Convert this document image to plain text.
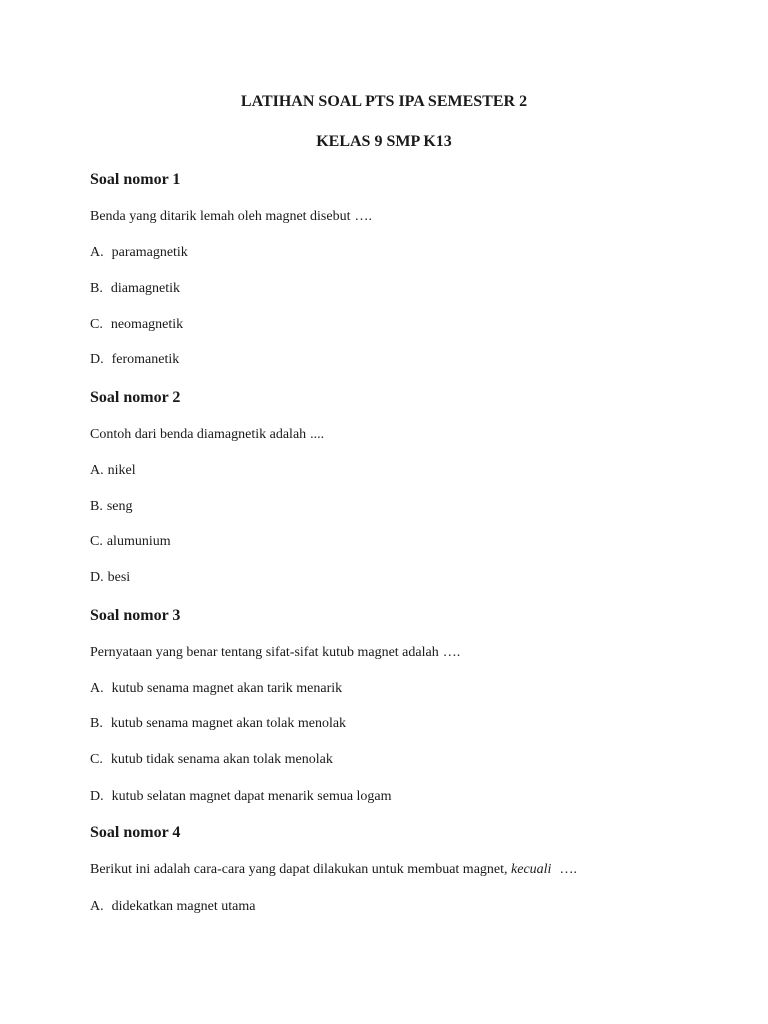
LATIHAN SOAL PTS IPA SEMESTER 2
KELAS 9 SMP K13
Soal nomor 1

Benda yang ditarik lemah oleh magnet disebut ….

A. paramagnetik

B. diamagnetik

C. neomagnetik

D. feromanetik

Soal nomor 2

Contoh dari benda diamagnetik adalah ....

A. nikel

B. seng

C. alumunium

D. besi

Soal nomor 3

Pernyataan yang benar tentang sifat-sifat kutub magnet adalah ….

A. kutub senama magnet akan tarik menarik

B. kutub senama magnet akan tolak menolak

C. kutub tidak senama akan tolak menolak

D. kutub selatan magnet dapat menarik semua logam

Soal nomor 4

Berikut ini adalah cara-cara yang dapat dilakukan untuk membuat magnet, kecuali ….

A. didekatkan magnet utama
